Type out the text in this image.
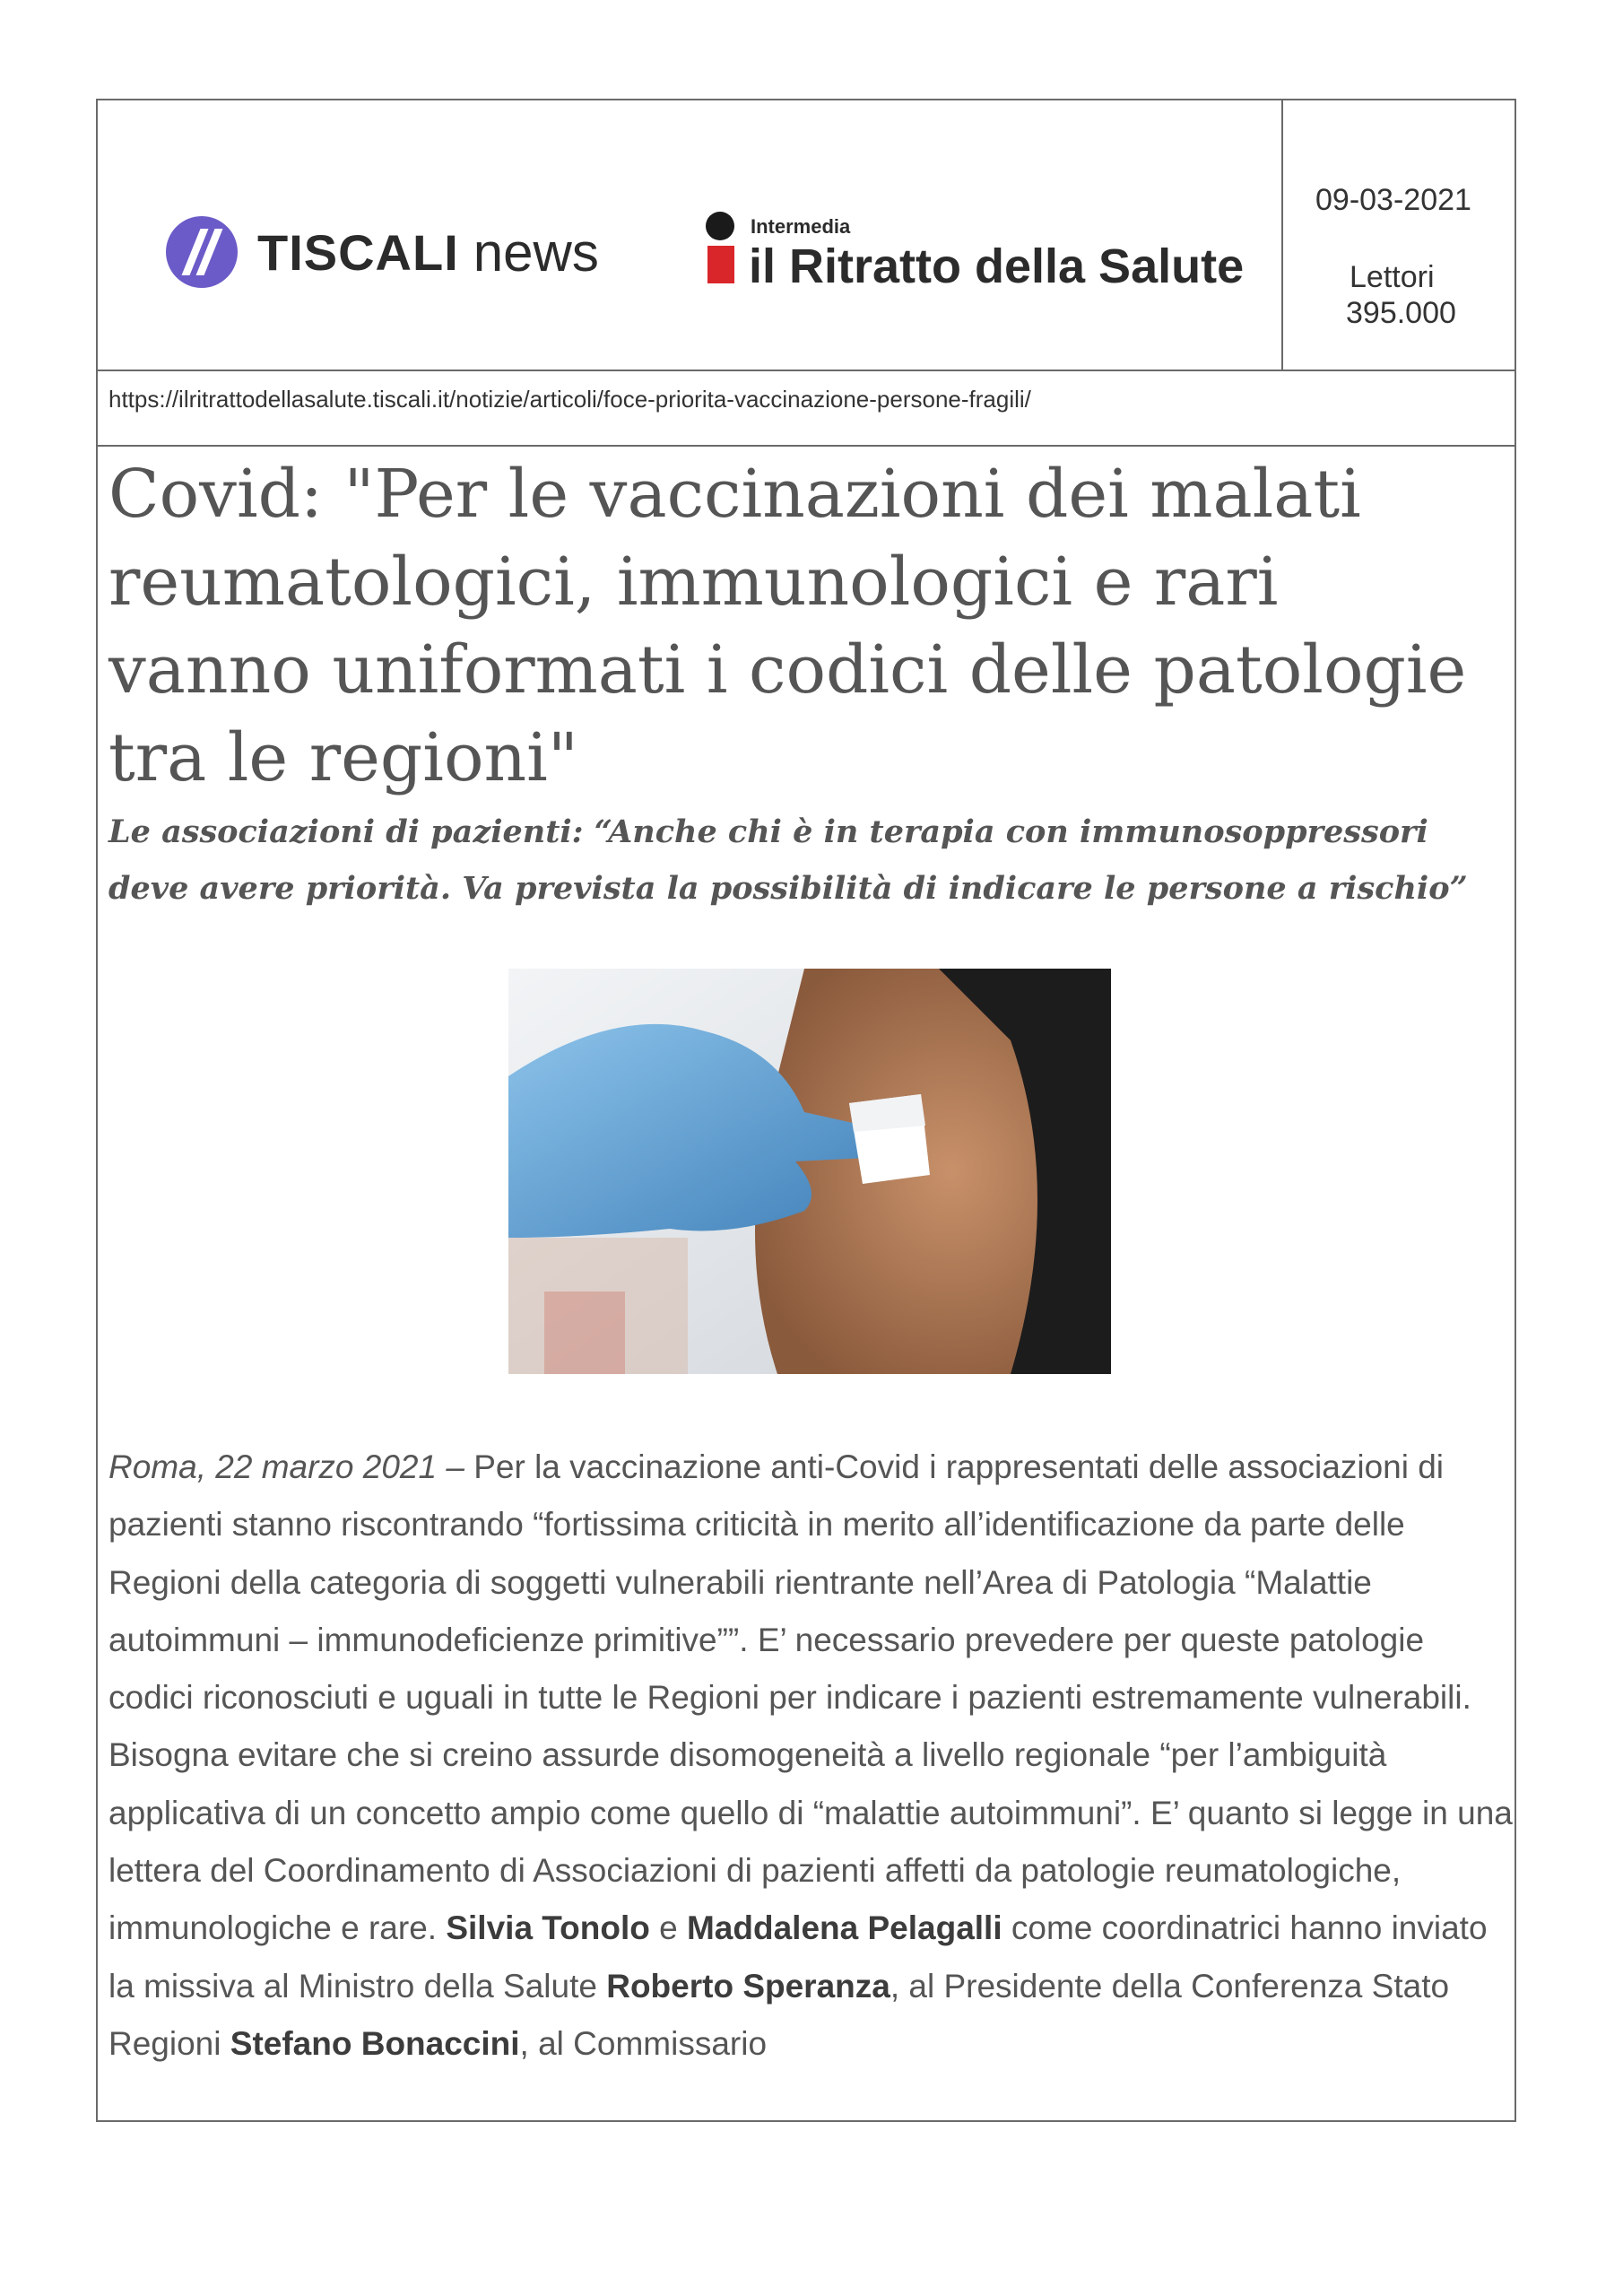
TISCALI news	Intermedia
il Ritratto della Salute
09-03-2021
Lettori
395.000
https://ilritrattodellasalute.tiscali.it/notizie/articoli/foce-priorita-vaccinazione-persone-fragili/
Covid: "Per le vaccinazioni dei malati reumatologici, immunologici e rari vanno uniformati i codici delle patologie tra le regioni"

Le associazioni di pazienti: “Anche chi è in terapia con immunosoppressori deve avere priorità. Va prevista la possibilità di indicare le persone a rischio”

Roma, 22 marzo 2021 – Per la vaccinazione anti-Covid i rappresentati delle associazioni di pazienti stanno riscontrando “fortissima criticità in merito all’identificazione da parte delle Regioni della categoria di soggetti vulnerabili rientrante nell’Area di Patologia “Malattie autoimmuni – immunodeficienze primitive””. E’ necessario prevedere per queste patologie codici riconosciuti e uguali in tutte le Regioni per indicare i pazienti estremamente vulnerabili. Bisogna evitare che si creino assurde disomogeneità a livello regionale “per l’ambiguità applicativa di un concetto ampio come quello di “malattie autoimmuni”. E’ quanto si legge in una lettera del Coordinamento di Associazioni di pazienti affetti da patologie reumatologiche, immunologiche e rare. Silvia Tonolo e Maddalena Pelagalli come coordinatrici hanno inviato la missiva al Ministro della Salute Roberto Speranza, al Presidente della Conferenza Stato Regioni Stefano Bonaccini, al Commissario
